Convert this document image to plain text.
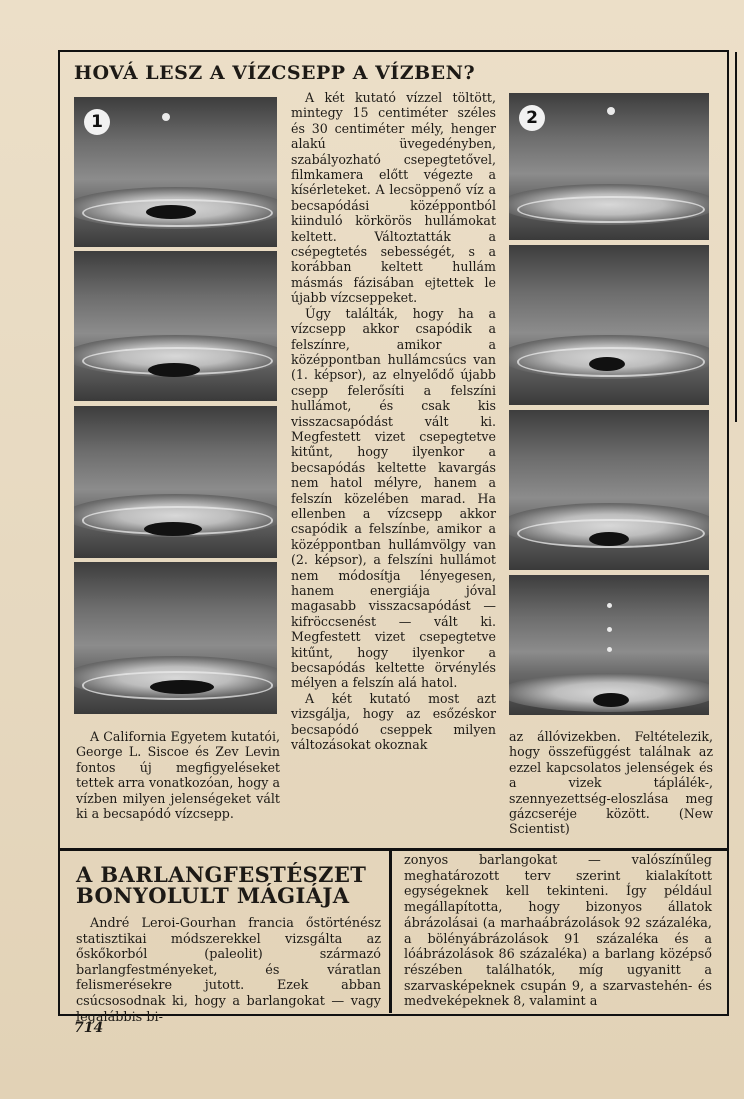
HOVÁ LESZ A VÍZCSEPP A VÍZBEN?
1	2

A California Egyetem kutatói, George L. Siscoe és Zev Levin fontos új megfigyeléseket tettek arra vonatkozóan, hogy a vízben milyen jelenségeket vált ki a becsapódó vízcsepp.

A két kutató vízzel töltött, mintegy 15 centiméter széles és 30 centiméter mély, henger alakú üvegedényben, szabályozható csepegtetővel, filmkamera előtt végezte a kísérleteket. A lecsöppenő víz a becsapódási középpontból kiinduló körkörös hullámokat keltett. Változtatták a csépegtetés sebességét, s a korábban keltett hullám másmás fázisában ejtettek le újabb vízcseppeket.

Úgy találták, hogy ha a vízcsepp akkor csapódik a felszínre, amikor a középpontban hullámcsúcs van (1. képsor), az elnyelődő újabb csepp felerősíti a felszíni hullámot, és csak kis visszacsapódást vált ki. Megfestett vizet csepegtetve kitűnt, hogy ilyenkor a becsapódás keltette kavargás nem hatol mélyre, hanem a felszín közelében marad. Ha ellenben a vízcsepp akkor csapódik a felszínbe, amikor a középpontban hullámvölgy van (2. képsor), a felszíni hullámot nem módosítja lényegesen, hanem energiája jóval magasabb visszacsapódást — kifröccsenést — vált ki. Megfestett vizet csepegtetve kitűnt, hogy ilyenkor a becsapódás keltette örvénylés mélyen a felszín alá hatol.

A két kutató most azt vizsgálja, hogy az esőzéskor becsapódó cseppek milyen változásokat okoznak

az állóvizekben. Feltételezik, hogy összefüggést találnak az ezzel kapcsolatos jelenségek és a vizek táplálék-, szennyezettség-eloszlása meg gázcseréje között. (New Scientist)

A BARLANGFESTÉSZET BONYOLULT MÁGIÁJA

André Leroi-Gourhan francia őstörténész statisztikai módszerekkel vizsgálta az őskőkorból (paleolit) származó barlangfestményeket, és váratlan felismerésekre jutott. Ezek abban csúcsosodnak ki, hogy a barlangokat — vagy legalábbis bi-

zonyos barlangokat — valószínűleg meghatározott terv szerint kialakított egységeknek kell tekinteni. Így például megállapította, hogy bizonyos állatok ábrázolásai (a marhaábrázolások 92 százaléka, a bölényábrázolások 91 százaléka és a lóábrázolások 86 százaléka) a barlang középső részében találhatók, míg ugyanitt a szarvasképeknek csupán 9, a szarvastehén- és medveképeknek 8, valamint a

714
